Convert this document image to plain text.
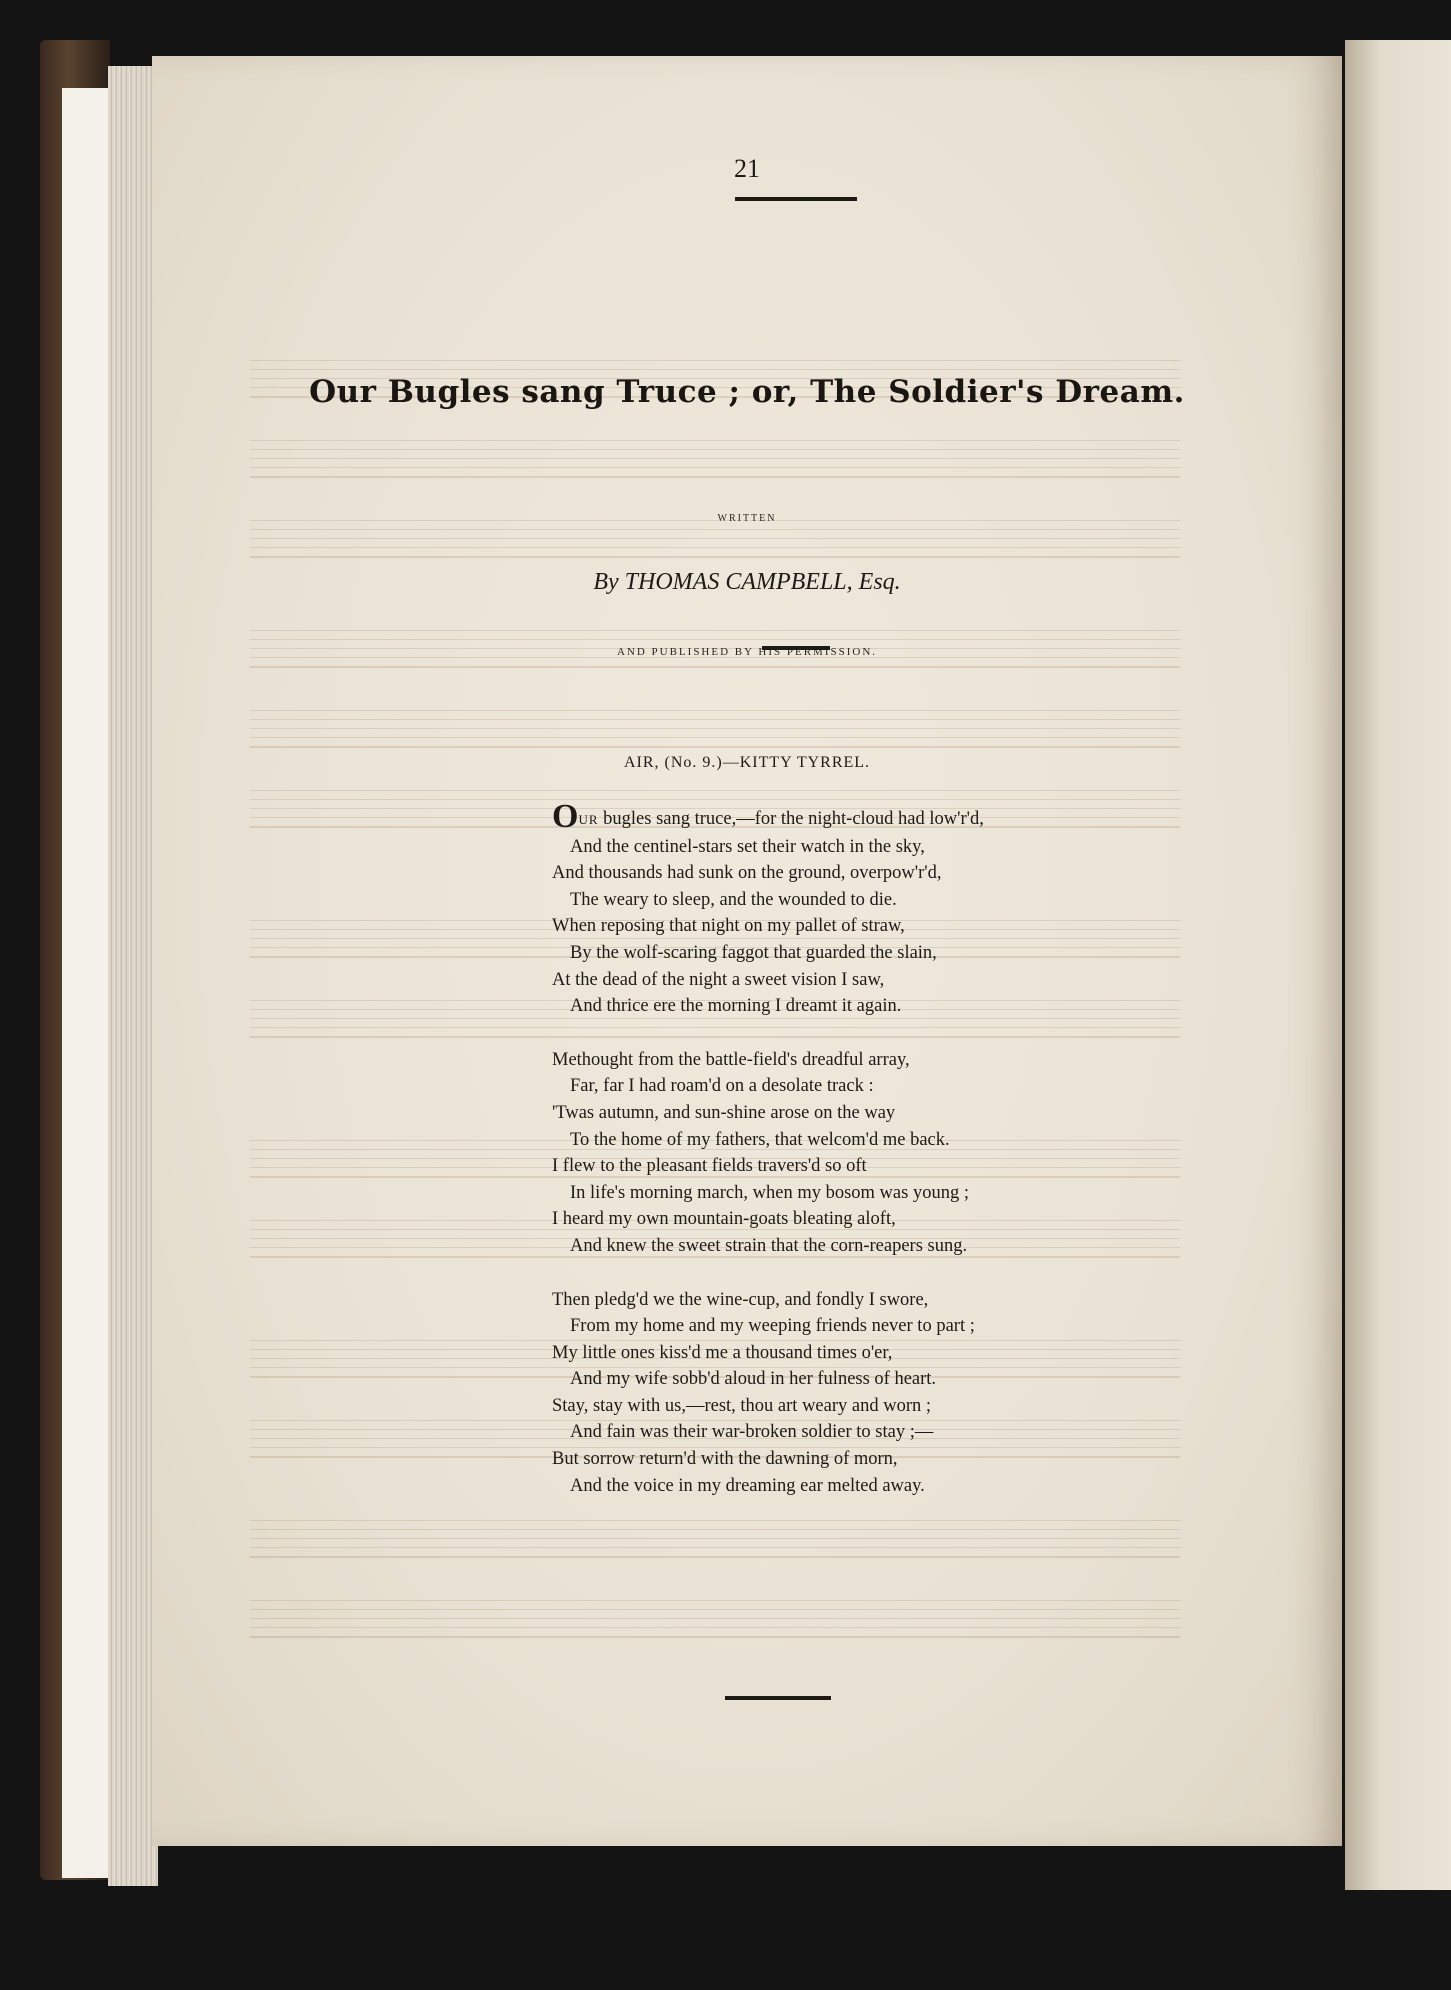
21
Our Bugles sang Truce ; or, The Soldier's Dream.
WRITTEN
By THOMAS CAMPBELL, Esq.
AND PUBLISHED BY HIS PERMISSION.
AIR, (No. 9.)—KITTY TYRREL.
OUR bugles sang truce,—for the night-cloud had low'r'd,
And the centinel-stars set their watch in the sky,
And thousands had sunk on the ground, overpow'r'd,
The weary to sleep, and the wounded to die.
When reposing that night on my pallet of straw,
By the wolf-scaring faggot that guarded the slain,
At the dead of the night a sweet vision I saw,
And thrice ere the morning I dreamt it again.
Methought from the battle-field's dreadful array,
Far, far I had roam'd on a desolate track :
'Twas autumn, and sun-shine arose on the way
To the home of my fathers, that welcom'd me back.
I flew to the pleasant fields travers'd so oft
In life's morning march, when my bosom was young ;
I heard my own mountain-goats bleating aloft,
And knew the sweet strain that the corn-reapers sung.
Then pledg'd we the wine-cup, and fondly I swore,
From my home and my weeping friends never to part ;
My little ones kiss'd me a thousand times o'er,
And my wife sobb'd aloud in her fulness of heart.
Stay, stay with us,—rest, thou art weary and worn ;
And fain was their war-broken soldier to stay ;—
But sorrow return'd with the dawning of morn,
And the voice in my dreaming ear melted away.
